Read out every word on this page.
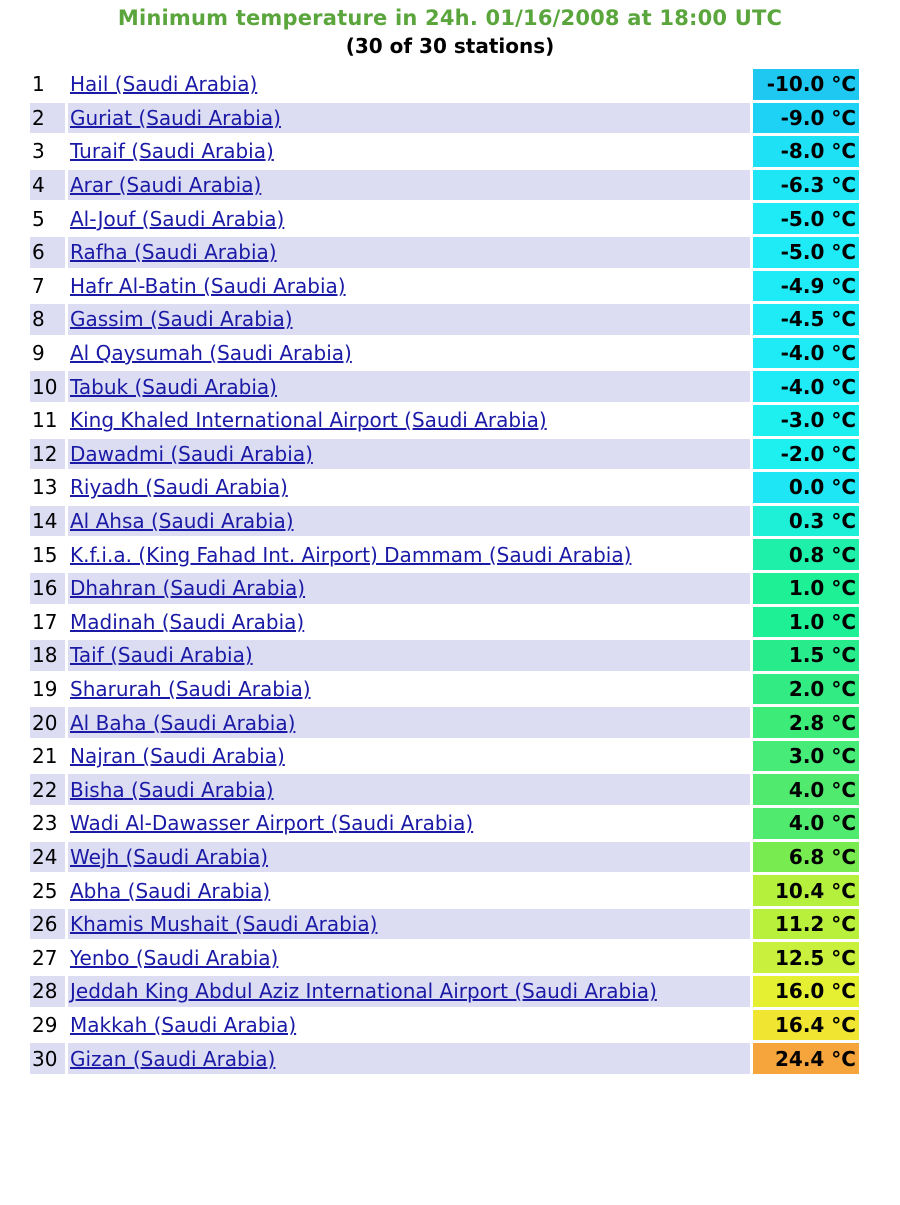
Minimum temperature in 24h. 01/16/2008 at 18:00 UTC
(30 of 30 stations)
1	Hail (Saudi Arabia)	-10.0 °C
2	Guriat (Saudi Arabia)	-9.0 °C
3	Turaif (Saudi Arabia)	-8.0 °C
4	Arar (Saudi Arabia)	-6.3 °C
5	Al-Jouf (Saudi Arabia)	-5.0 °C
6	Rafha (Saudi Arabia)	-5.0 °C
7	Hafr Al-Batin (Saudi Arabia)	-4.9 °C
8	Gassim (Saudi Arabia)	-4.5 °C
9	Al Qaysumah (Saudi Arabia)	-4.0 °C
10	Tabuk (Saudi Arabia)	-4.0 °C
11	King Khaled International Airport (Saudi Arabia)	-3.0 °C
12	Dawadmi (Saudi Arabia)	-2.0 °C
13	Riyadh (Saudi Arabia)	0.0 °C
14	Al Ahsa (Saudi Arabia)	0.3 °C
15	K.f.i.a. (King Fahad Int. Airport) Dammam (Saudi Arabia)	0.8 °C
16	Dhahran (Saudi Arabia)	1.0 °C
17	Madinah (Saudi Arabia)	1.0 °C
18	Taif (Saudi Arabia)	1.5 °C
19	Sharurah (Saudi Arabia)	2.0 °C
20	Al Baha (Saudi Arabia)	2.8 °C
21	Najran (Saudi Arabia)	3.0 °C
22	Bisha (Saudi Arabia)	4.0 °C
23	Wadi Al-Dawasser Airport (Saudi Arabia)	4.0 °C
24	Wejh (Saudi Arabia)	6.8 °C
25	Abha (Saudi Arabia)	10.4 °C
26	Khamis Mushait (Saudi Arabia)	11.2 °C
27	Yenbo (Saudi Arabia)	12.5 °C
28	Jeddah King Abdul Aziz International Airport (Saudi Arabia)	16.0 °C
29	Makkah (Saudi Arabia)	16.4 °C
30	Gizan (Saudi Arabia)	24.4 °C
